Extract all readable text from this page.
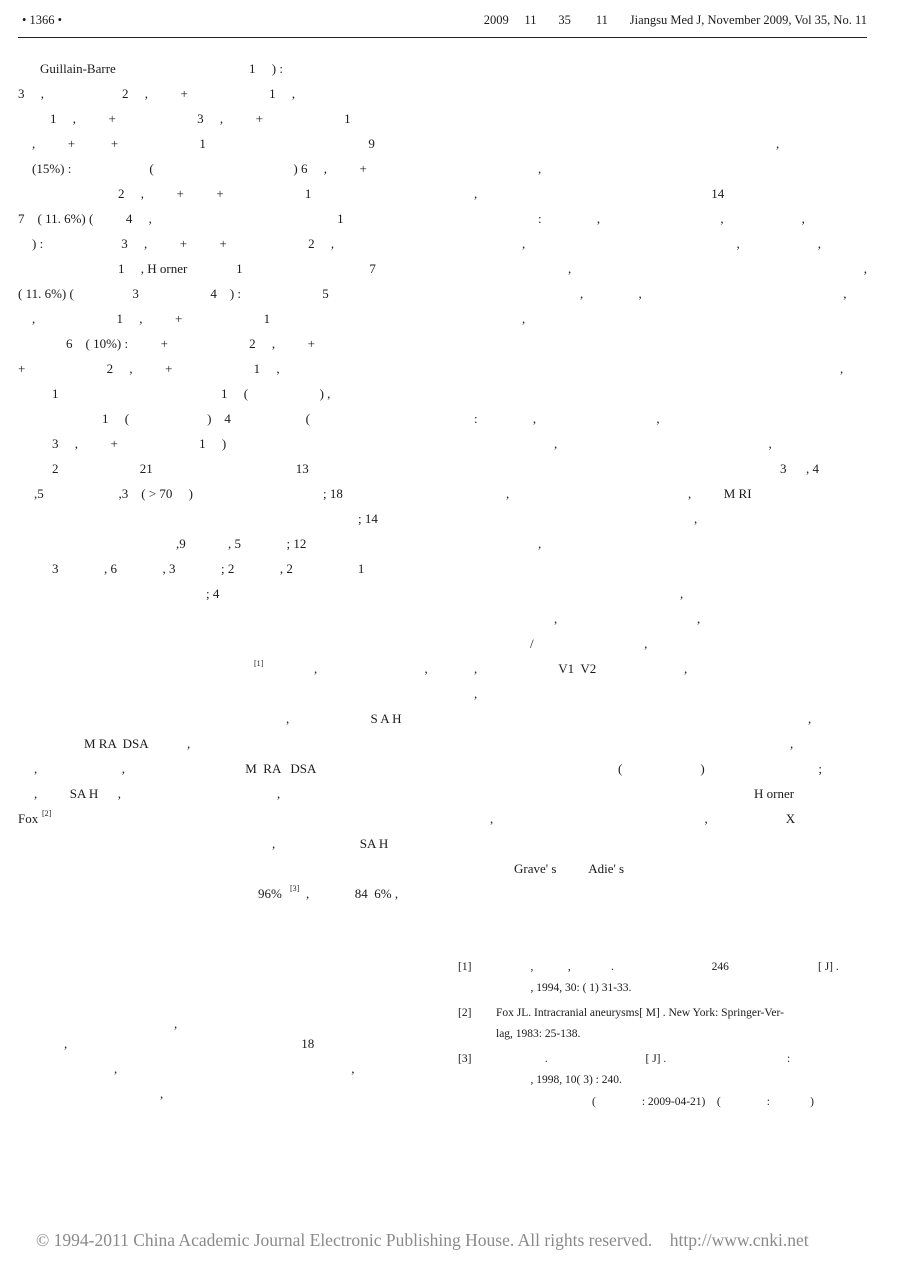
• 1366 •	2009     11       35        11       Jiangsu Med J, November 2009, Vol 35, No. 11
Guillain-Barre                                         1     ) :
3     ,                        2     ,          +                         1     ,
1     ,          +                         3     ,          +                         1
,          +           +                         1                                                  9
(15%) :                        (                                           ) 6     ,          +
2     ,          +          +                         1
7    ( 11. 6%) (          4     ,                                                         1
) :                        3     ,          +          +                         2     ,
1     , H orner               1                                       7
( 11. 6%) (                  3                      4    ) :                         5
,                         1     ,          +                         1
6    ( 10%) :          +                         2     ,          +
+                         2     ,          +                         1     ,
1                                                  1     (                      ) ,
1     (                        )    4                       (
3     ,          +                         1     )
2                         21                                            13
,5                       ,3    ( > 70     )                                        ; 18
; 14
,9             , 5              ; 12
3              , 6              , 3              ; 2              , 2                    1
; 4
[1]	,                                 ,
,                         S A H
M RA  DSA            ,
,                          ,                                     M  RA   DSA
,          SA H      ,                                                ,
Fox [2]
,                          SA H
96% [3] ,              84  6% ,
,
,                                                                        18
,                                                                        ,
,
,
,
,                                                                        14
:                 ,                                     ,                        ,
,                                                                 ,                        ,
,                                                                                          ,
,                 ,                                                              ,
,
,
:                 ,                                     ,
,                                                                 ,
3      , 4
,                                                       ,          M RI
,
,
,
,                                           ,
/                                  ,
,                         V1  V2                           ,
,
,
,
(                        )                                   ;
H orner
,                                                                 ,                        X
Grave' s          Adie' s
[1] ,            ,              .                                  246                               [ J] .
, 1994, 30: ( 1) 31-33.
[2] Fox JL. Intracranial aneurysms[ M] . New York: Springer-Ver-
lag, 1983: 25-138.
[3] .                                  [ J] .                                          :
, 1998, 10( 3) : 240.
(                : 2009-04-21)    (                :              )
© 1994-2011 China Academic Journal Electronic Publishing House. All rights reserved.    http://www.cnki.net
